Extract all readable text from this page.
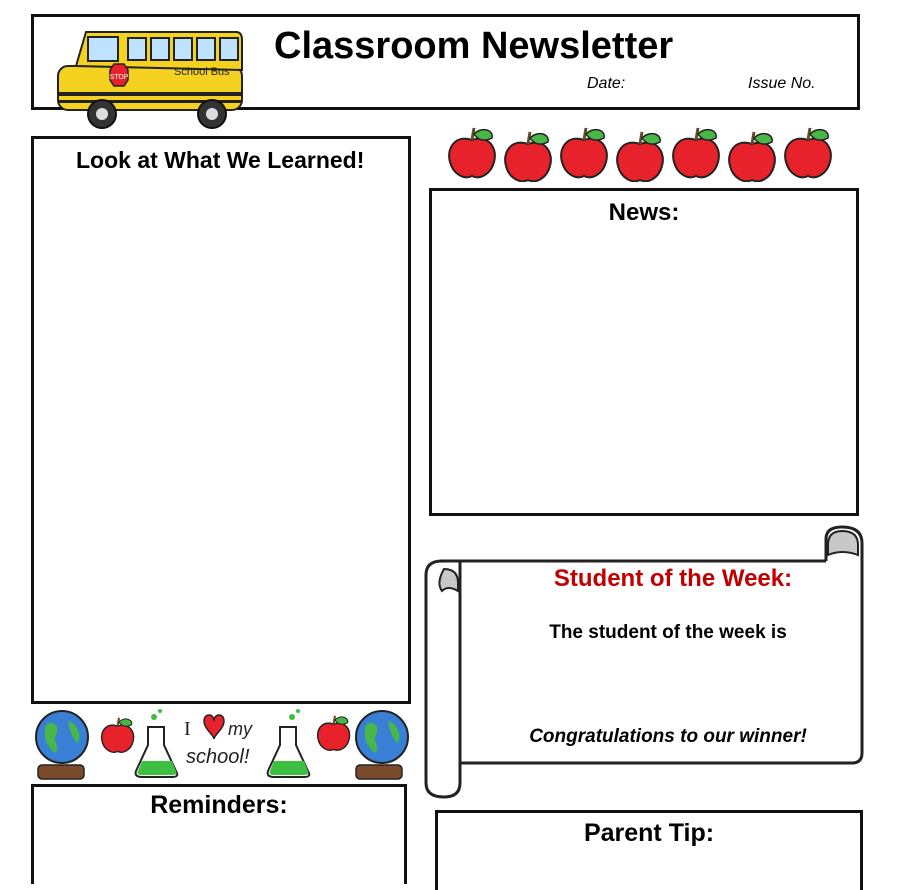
Classroom Newsletter
Date:	Issue No.
STOP	School Bus
Look at What We Learned!
News:
Student of the Week:
The student of the week is
Congratulations to our winner!
I my
school!
Reminders:
Parent Tip:
